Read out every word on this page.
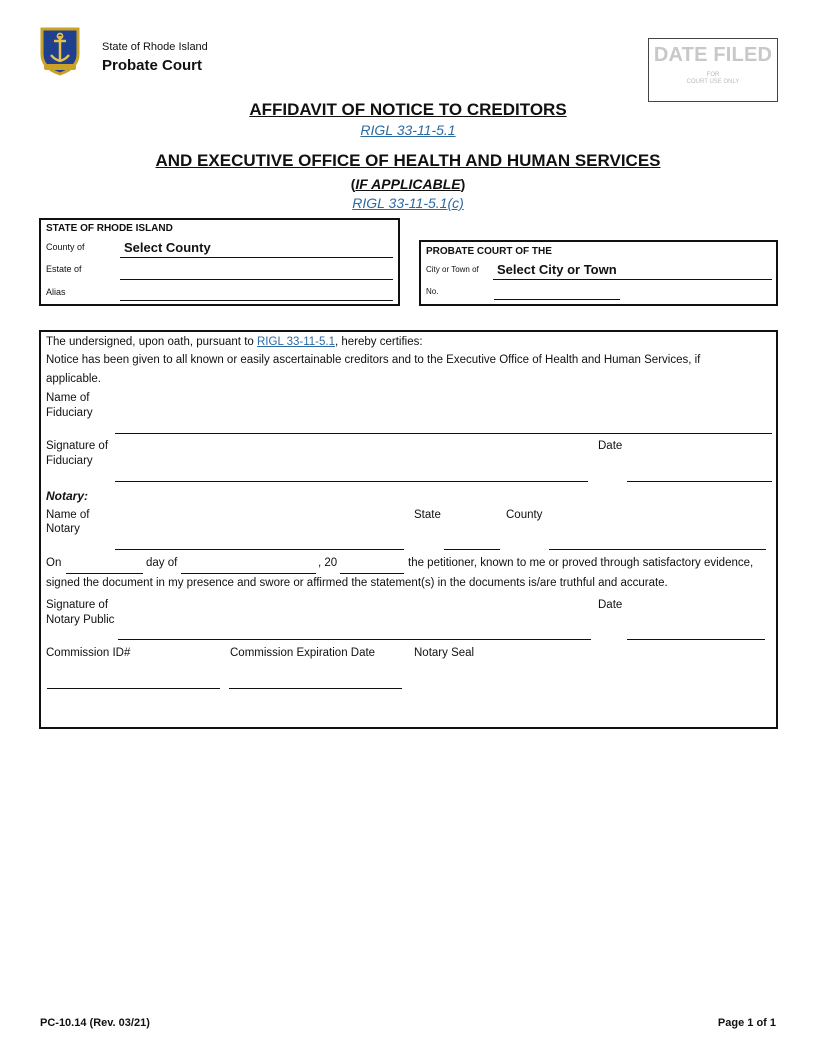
State of Rhode Island
Probate Court	DATE FILED
FOR
COURT USE ONLY
AFFIDAVIT OF NOTICE TO CREDITORS
RIGL 33-11-5.1
AND EXECUTIVE OFFICE OF HEALTH AND HUMAN SERVICES
(IF APPLICABLE)
RIGL 33-11-5.1(c)
STATE OF RHODE ISLAND
County of	Select County
Estate of
Alias
PROBATE COURT OF THE
City or Town of Select City or Town
No.
The undersigned, upon oath, pursuant to RIGL 33-11-5.1, hereby certifies:
Notice has been given to all known or easily ascertainable creditors and to the Executive Office of Health and Human Services, if
applicable.
Name of
Fiduciary
Signature of
Fiduciary
Date
Notary:
Name of
Notary
State	County
On	day of	, 20	the petitioner, known to me or proved through satisfactory evidence,
signed the document in my presence and swore or affirmed the statement(s) in the documents is/are truthful and accurate.
Signature of
Notary Public
Date
Commission ID#	Commission Expiration Date	Notary Seal
PC-10.14 (Rev. 03/21)	Page 1 of 1
